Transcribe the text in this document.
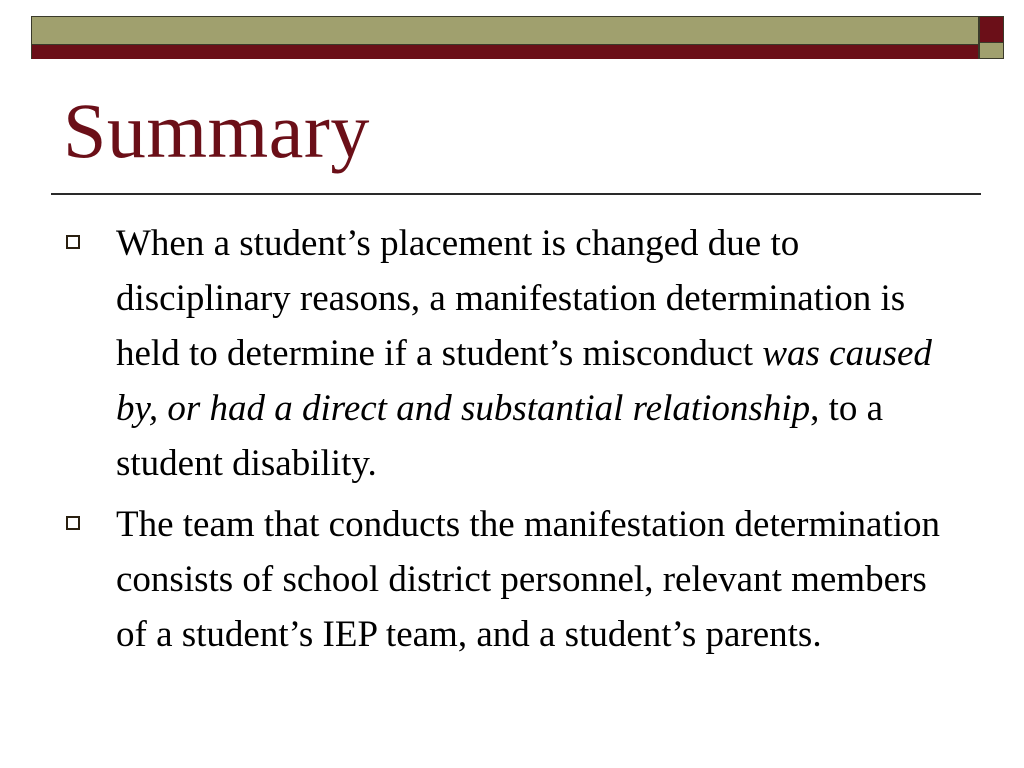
Summary
When a student’s placement is changed due to disciplinary reasons, a manifestation determination is held to determine if a student’s misconduct was caused by, or had a direct and substantial relationship, to a student disability.
The team that conducts the manifestation determination consists of school district personnel, relevant members of a student’s IEP team, and a student’s parents.
